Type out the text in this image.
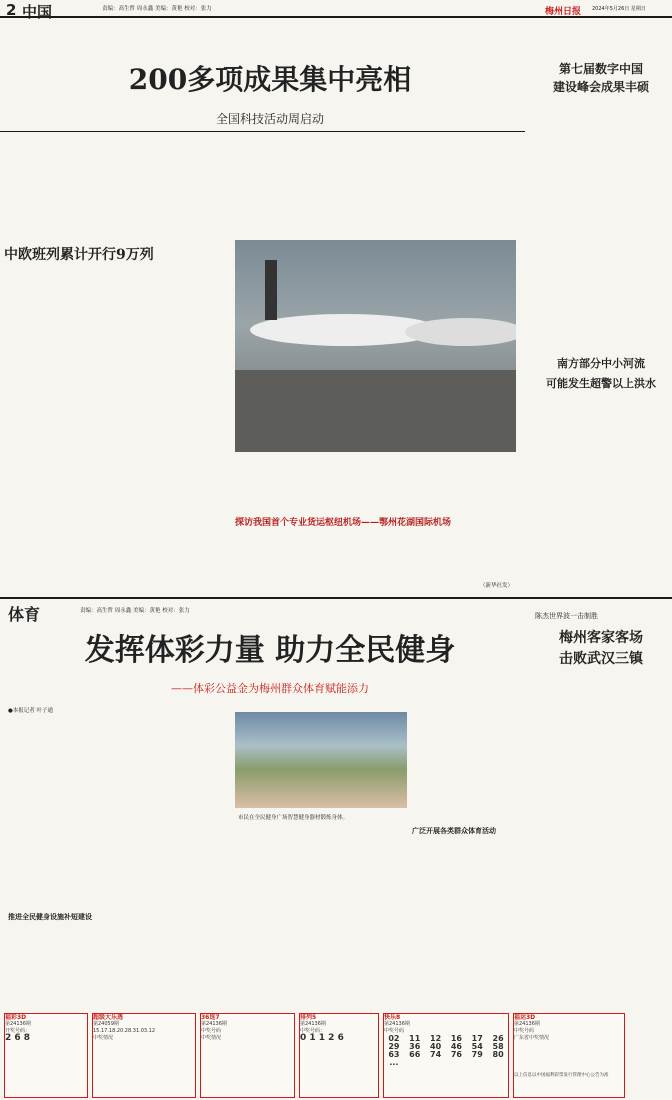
2 中国	责编：高生哲 周永鑫 美编：黄艳 校对：张力	梅州日报 2024年5月26日 星期日
200多项成果集中亮相
全国科技活动周启动
中欧班列累计开行9万列
探访我国首个专业货运枢纽机场——鄂州花湖国际机场
（新华社发）
第七届数字中国
建设峰会成果丰硕
南方部分中小河流
可能发生超警以上洪水
体育	责编：高生哲 周永鑫 美编：黄艳 校对：张力
发挥体彩力量 助力全民健身
——体彩公益金为梅州群众体育赋能添力
●本报记者 叶子通
推进全民健身设施补短建设
广泛开展各类群众体育活动
市民在全民健身广场智慧健身器材锻炼身体。
陈杰世界波一击制胜
梅州客家客场
击败武汉三镇
福彩3D
第24136期
开奖号码：
2 6 8
超级大乐透
第24059期
15.17.18.20.28.31.03.12
中奖情况
36选7
第24136期
中奖号码
中奖情况
排列5
第24136期
中奖号码：
0 1 1 2 6
快乐8
第24136期
中奖号码
02	11	12	16	17	26
29	36	40	46	54	58
63	66	74	76	79	80
...
福运3D
第24136期
中奖号码
广东省中奖情况
以上信息以中国福利彩票发行管理中心公告为准
